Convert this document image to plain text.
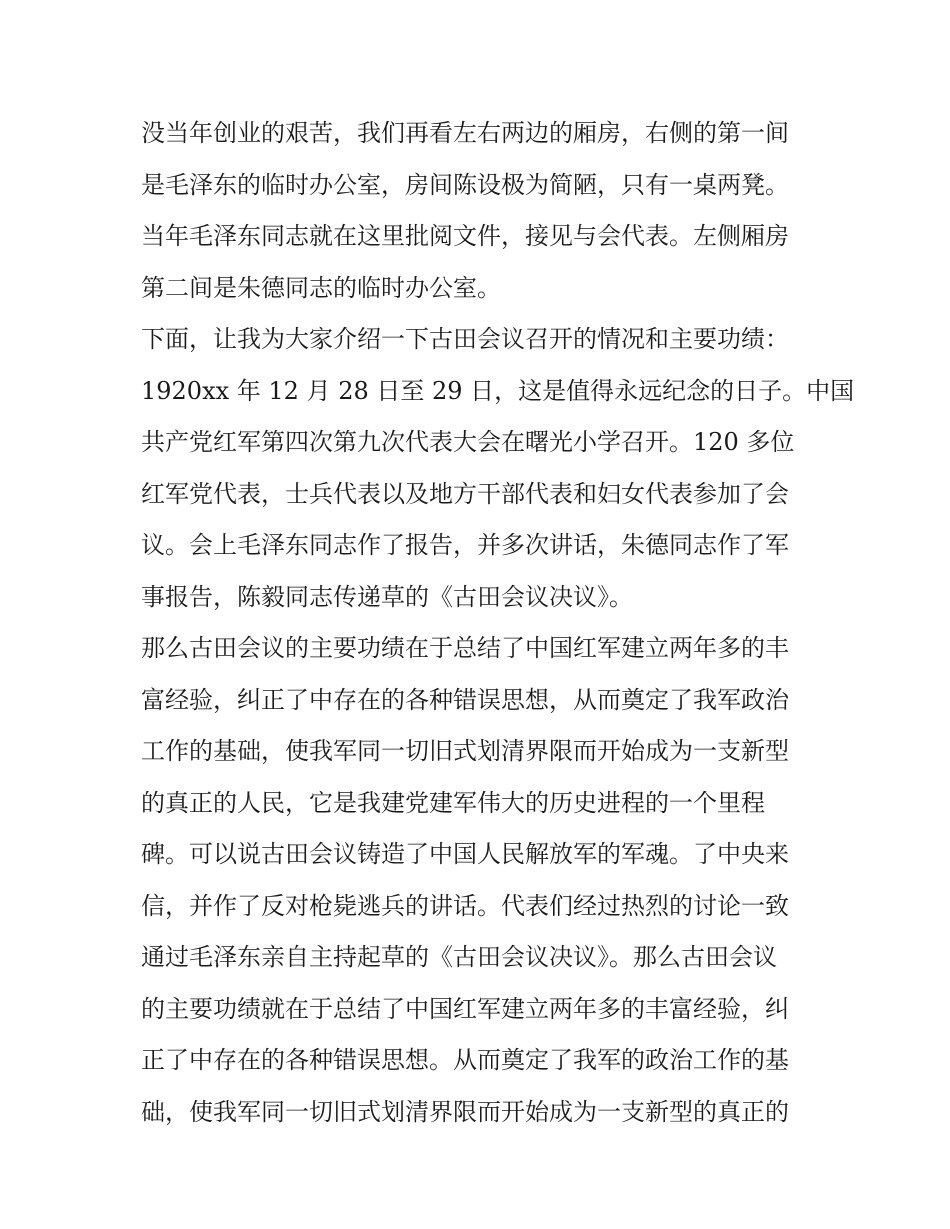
没当年创业的艰苦，我们再看左右两边的厢房，右侧的第一间
是毛泽东的临时办公室，房间陈设极为简陋，只有一桌两凳。
当年毛泽东同志就在这里批阅文件，接见与会代表。左侧厢房
第二间是朱德同志的临时办公室。
下面，让我为大家介绍一下古田会议召开的情况和主要功绩：
1920xx 年 12 月 28 日至 29 日，这是值得永远纪念的日子。中国
共产党红军第四次第九次代表大会在曙光小学召开。120 多位
红军党代表，士兵代表以及地方干部代表和妇女代表参加了会
议。会上毛泽东同志作了报告，并多次讲话，朱德同志作了军
事报告，陈毅同志传递草的《古田会议决议》。
那么古田会议的主要功绩在于总结了中国红军建立两年多的丰
富经验，纠正了中存在的各种错误思想，从而奠定了我军政治
工作的基础，使我军同一切旧式划清界限而开始成为一支新型
的真正的人民，它是我建党建军伟大的历史进程的一个里程
碑。可以说古田会议铸造了中国人民解放军的军魂。了中央来
信，并作了反对枪毙逃兵的讲话。代表们经过热烈的讨论一致
通过毛泽东亲自主持起草的《古田会议决议》。那么古田会议
的主要功绩就在于总结了中国红军建立两年多的丰富经验，纠
正了中存在的各种错误思想。从而奠定了我军的政治工作的基
础，使我军同一切旧式划清界限而开始成为一支新型的真正的
